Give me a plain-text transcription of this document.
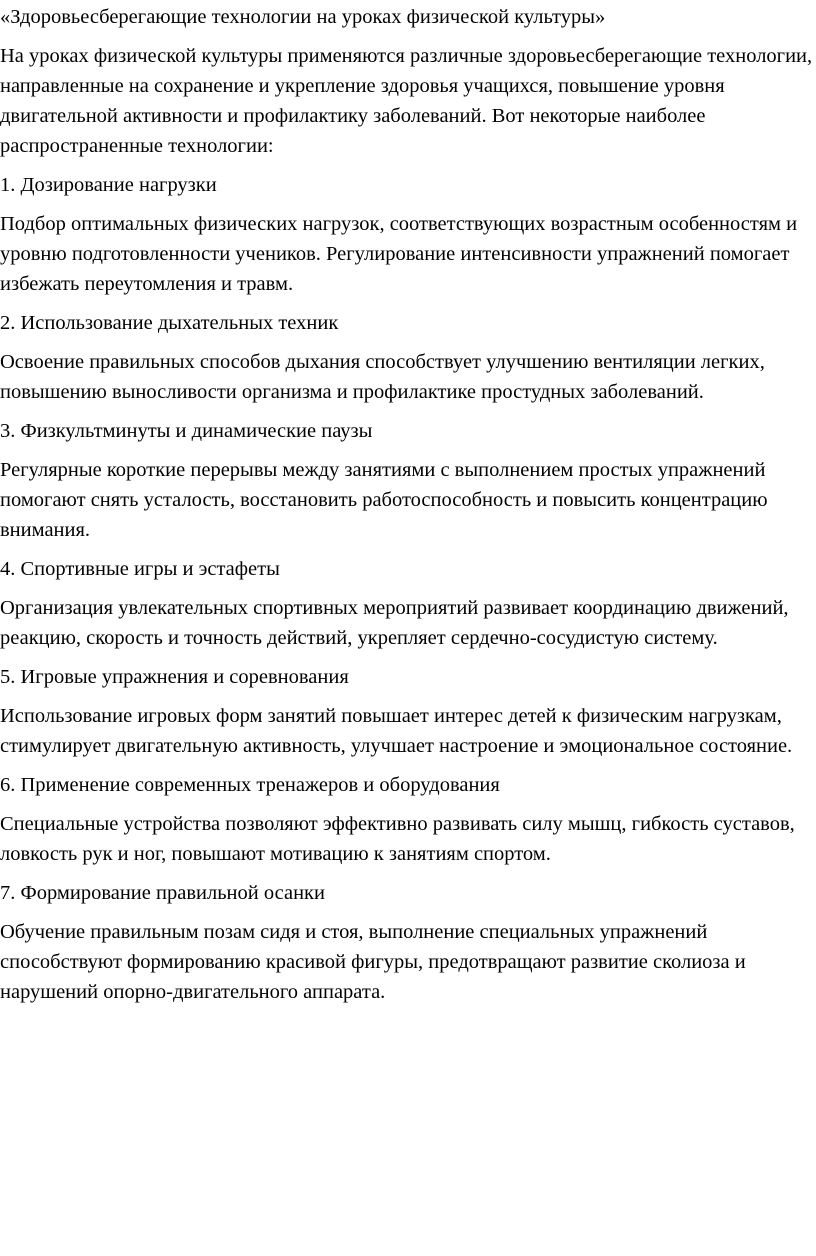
«Здоровьесберегающие технологии на уроках физической культуры»

На уроках физической культуры применяются различные здоровьесберегающие технологии, направленные на сохранение и укрепление здоровья учащихся, повышение уровня двигательной активности и профилактику заболеваний. Вот некоторые наиболее распространенные технологии:

1. Дозирование нагрузки

Подбор оптимальных физических нагрузок, соответствующих возрастным особенностям и уровню подготовленности учеников. Регулирование интенсивности упражнений помогает избежать переутомления и травм.

2. Использование дыхательных техник

Освоение правильных способов дыхания способствует улучшению вентиляции легких, повышению выносливости организма и профилактике простудных заболеваний.

3. Физкультминуты и динамические паузы

Регулярные короткие перерывы между занятиями с выполнением простых упражнений помогают снять усталость, восстановить работоспособность и повысить концентрацию внимания.

4. Спортивные игры и эстафеты

Организация увлекательных спортивных мероприятий развивает координацию движений, реакцию, скорость и точность действий, укрепляет сердечно-сосудистую систему.

5. Игровые упражнения и соревнования

Использование игровых форм занятий повышает интерес детей к физическим нагрузкам, стимулирует двигательную активность, улучшает настроение и эмоциональное состояние.

6. Применение современных тренажеров и оборудования

Специальные устройства позволяют эффективно развивать силу мышц, гибкость суставов, ловкость рук и ног, повышают мотивацию к занятиям спортом.

7. Формирование правильной осанки

Обучение правильным позам сидя и стоя, выполнение специальных упражнений способствуют формированию красивой фигуры, предотвращают развитие сколиоза и нарушений опорно-двигательного аппарата.
